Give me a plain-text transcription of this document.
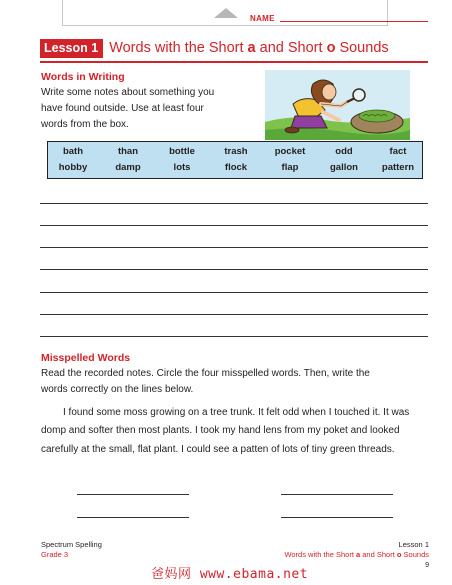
NAME
Lesson 1 Words with the Short a and Short o Sounds
Words in Writing
Write some notes about something you
have found outside. Use at least four
words from the box.
bath	than	bottle	trash	pocket	odd	fact
hobby	damp	lots	flock	flap	gallon	pattern
Misspelled Words
Read the recorded notes. Circle the four misspelled words. Then, write the
words correctly on the lines below.

I found some moss growing on a tree trunk. It felt odd when I touched it. It was domp and softer then most plants. I took my hand lens from my poket and looked carefully at the small, flat plant. I could see a patten of lots of tiny green threads.

Spectrum Spelling
Grade 3
Lesson 1
Words with the Short a and Short o Sounds
9
爸妈网 www.ebama.net
